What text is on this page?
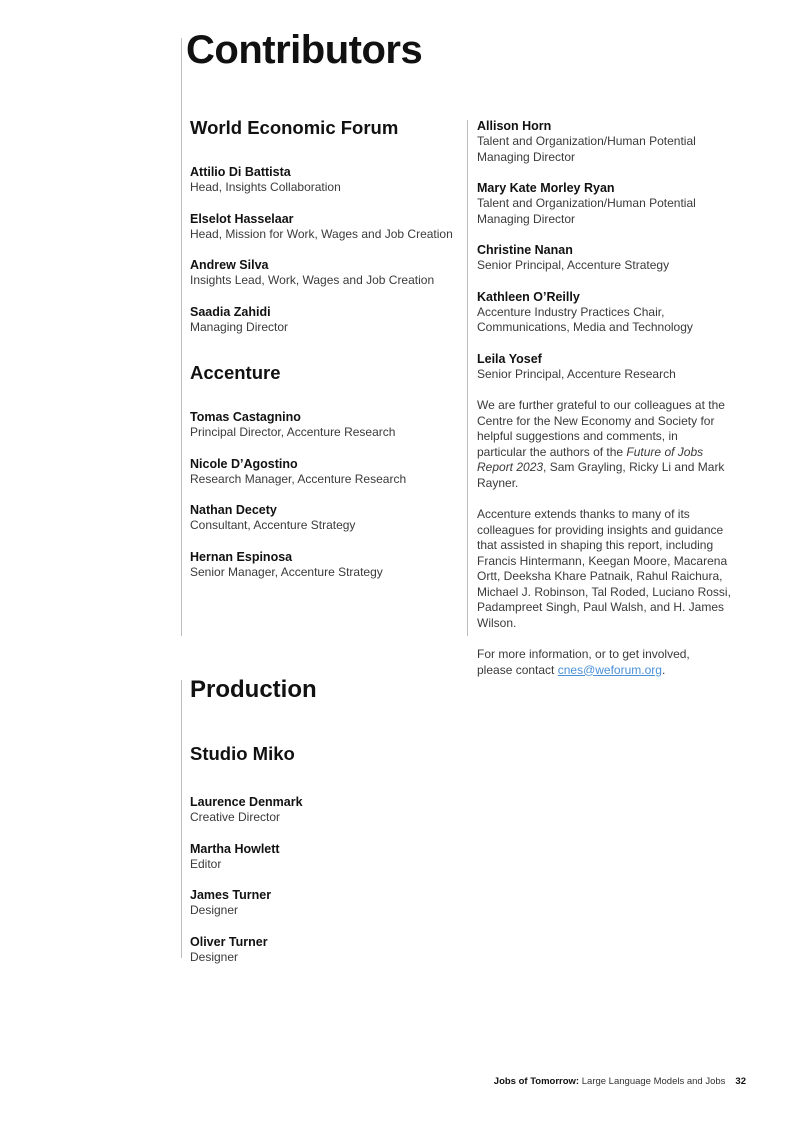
Contributors
World Economic Forum
Attilio Di Battista
Head, Insights Collaboration
Elselot Hasselaar
Head, Mission for Work, Wages and Job Creation
Andrew Silva
Insights Lead, Work, Wages and Job Creation
Saadia Zahidi
Managing Director
Accenture
Tomas Castagnino
Principal Director, Accenture Research
Nicole D’Agostino
Research Manager, Accenture Research
Nathan Decety
Consultant, Accenture Strategy
Hernan Espinosa
Senior Manager, Accenture Strategy
Allison Horn
Talent and Organization/Human Potential Managing Director
Mary Kate Morley Ryan
Talent and Organization/Human Potential Managing Director
Christine Nanan
Senior Principal, Accenture Strategy
Kathleen O’Reilly
Accenture Industry Practices Chair, Communications, Media and Technology
Leila Yosef
Senior Principal, Accenture Research
We are further grateful to our colleagues at the Centre for the New Economy and Society for helpful suggestions and comments, in particular the authors of the Future of Jobs Report 2023, Sam Grayling, Ricky Li and Mark Rayner.
Accenture extends thanks to many of its colleagues for providing insights and guidance that assisted in shaping this report, including Francis Hintermann, Keegan Moore, Macarena Ortt, Deeksha Khare Patnaik, Rahul Raichura, Michael J. Robinson, Tal Roded, Luciano Rossi, Padampreet Singh, Paul Walsh, and H. James Wilson.
For more information, or to get involved,
please contact cnes@weforum.org.
Production
Studio Miko
Laurence Denmark
Creative Director
Martha Howlett
Editor
James Turner
Designer
Oliver Turner
Designer
Jobs of Tomorrow: Large Language Models and Jobs 32
